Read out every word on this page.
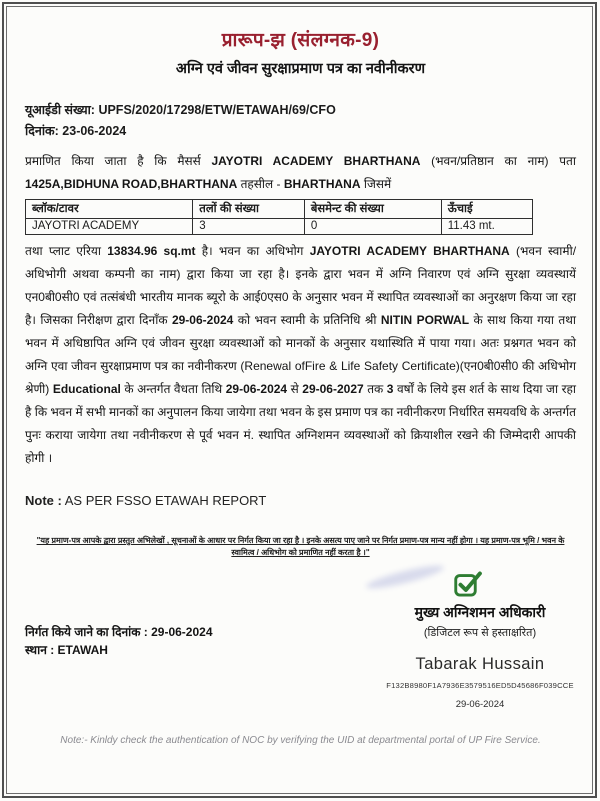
प्रारूप-झ (संलग्नक-9)
अग्नि एवं जीवन सुरक्षाप्रमाण पत्र का नवीनीकरण
यूआईडी संख्या: UPFS/2020/17298/ETW/ETAWAH/69/CFO
दिनांक: 23-06-2024
प्रमाणित किया जाता है कि मैसर्स JAYOTRI ACADEMY BHARTHANA (भवन/प्रतिष्ठान का नाम) पता 1425A,BIDHUNA ROAD,BHARTHANA तहसील - BHARTHANA जिसमें
ब्लॉक/टावर	तलों की संख्या	बेसमेन्ट की संख्या	ऊँचाई
JAYOTRI ACADEMY	3	0	11.43 mt.
तथा प्लाट एरिया 13834.96 sq.mt है। भवन का अधिभोग JAYOTRI ACADEMY BHARTHANA (भवन स्वामी/ अधिभोगी अथवा कम्पनी का नाम) द्वारा किया जा रहा है। इनके द्वारा भवन में अग्नि निवारण एवं अग्नि सुरक्षा व्यवस्थायें एन0बी0सी0 एवं तत्संबंधी भारतीय मानक ब्यूरो के आई0एस0 के अनुसार भवन में स्थापित व्यवस्थाओं का अनुरक्षण किया जा रहा है। जिसका निरीक्षण द्वारा दिनाँक 29-06-2024 को भवन स्वामी के प्रतिनिधि श्री NITIN PORWAL के साथ किया गया तथा भवन में अधिष्ठापित अग्नि एवं जीवन सुरक्षा व्यवस्थाओं को मानकों के अनुसार यथास्थिति में पाया गया। अतः प्रश्नगत भवन को अग्नि एवा जीवन सुरक्षाप्रमाण पत्र का नवीनीकरण (Renewal ofFire & Life Safety Certificate)(एन0बी0सी0 की अधिभोग श्रेणी) Educational के अन्तर्गत वैधता तिथि 29-06-2024 से 29-06-2027 तक 3 वर्षों के लिये इस शर्त के साथ दिया जा रहा है कि भवन में सभी मानकों का अनुपालन किया जायेगा तथा भवन के इस प्रमाण पत्र का नवीनीकरण निर्धारित समयवधि के अन्तर्गत पुनः कराया जायेगा तथा नवीनीकरण से पूर्व भवन मं. स्थापित अग्निशमन व्यवस्थाओं को क्रियाशील रखने की जिम्मेदारी आपकी होगी ।
Note : AS PER FSSO ETAWAH REPORT
"यह प्रमाण-पत्र आपके द्वारा प्रस्तुत अभिलेखों , सूचनाओं के आधार पर निर्गत किया जा रहा है । इनके असत्य पाए जाने पर निर्गत प्रमाण-पत्र मान्य नहीं होगा । यह प्रमाण-पत्र भूमि / भवन के स्वामित्व / अधिभोग को प्रमाणित नहीं करता है ।"
मुख्य अग्निशमन अधिकारी
(डिजिटल रूप से हस्ताक्षरित)
Tabarak Hussain
F132B8980F1A7936E3579516ED5D45686F039CCE
29-06-2024
निर्गत किये जाने का दिनांक : 29-06-2024
स्थान : ETAWAH
Note:- Kinldy check the authentication of NOC by verifying the UID at departmental portal of UP Fire Service.
